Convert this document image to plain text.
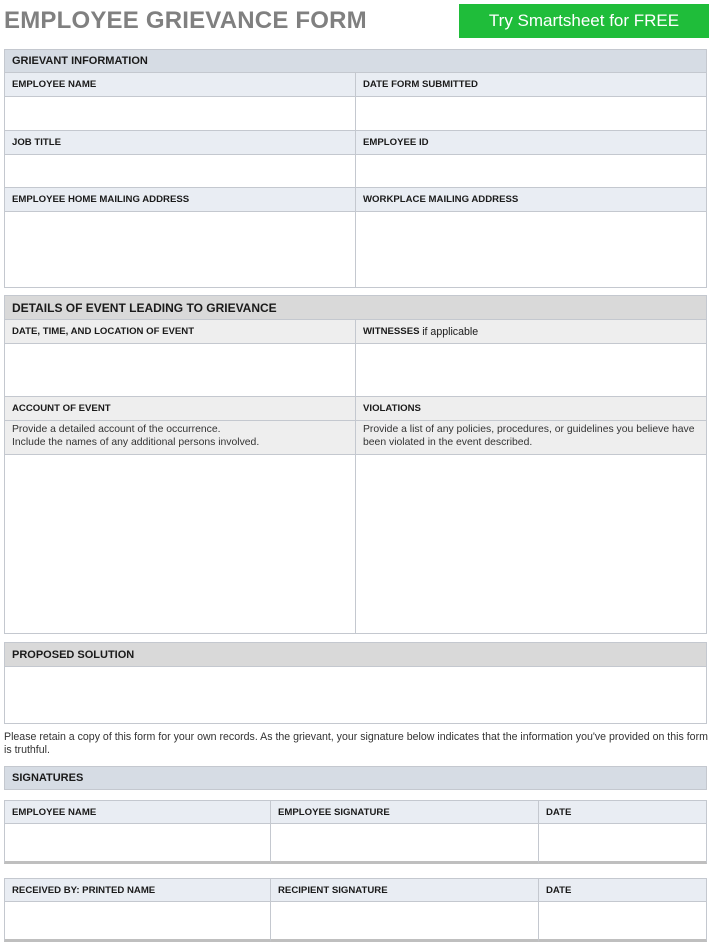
EMPLOYEE GRIEVANCE FORM	Try Smartsheet for FREE
GRIEVANT INFORMATION
EMPLOYEE NAME	DATE FORM SUBMITTED
JOB TITLE	EMPLOYEE ID
EMPLOYEE HOME MAILING ADDRESS	WORKPLACE MAILING ADDRESS
DETAILS OF EVENT LEADING TO GRIEVANCE
DATE, TIME, AND LOCATION OF EVENT	WITNESSES
if applicable
ACCOUNT OF EVENT	VIOLATIONS
Provide a detailed account of the occurrence.
Include the names of any additional persons involved.
Provide a list of any policies, procedures, or guidelines you believe have been violated in the event described.
PROPOSED SOLUTION
Please retain a copy of this form for your own records. As the grievant, your signature below indicates that the information you've provided on this form is truthful.
SIGNATURES
EMPLOYEE NAME	EMPLOYEE SIGNATURE	DATE
RECEIVED BY: PRINTED NAME	RECIPIENT SIGNATURE	DATE
